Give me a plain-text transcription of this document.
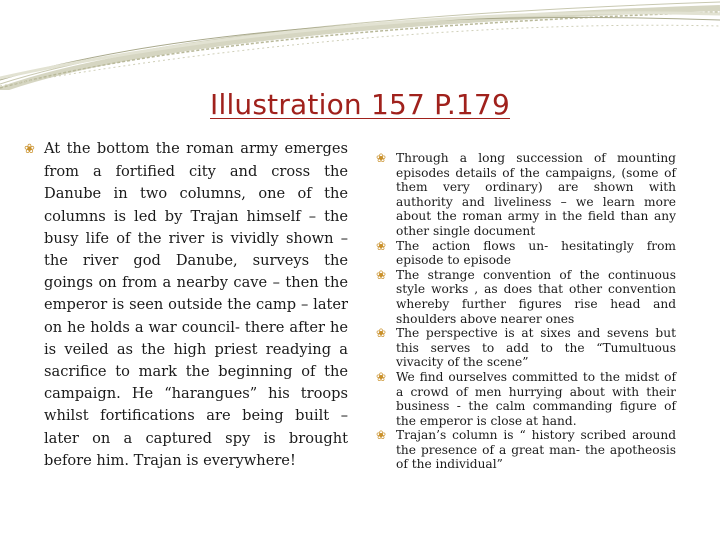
Illustration 157 P.179
❀ At the bottom the roman army emerges from a fortified city and cross the Danube in two columns, one of the columns is led by Trajan himself – the busy life of the river is vividly shown – the river god Danube, surveys the goings on from a nearby cave – then the emperor is seen outside the camp – later on he holds a war council- there after he is veiled as the high priest readying a sacrifice to mark the beginning of the campaign. He “harangues” his troops whilst fortifications are being built –later on a captured spy is brought before him. Trajan is everywhere!
❀ Through a long succession of mounting episodes details of the campaigns, (some of them very ordinary) are shown with authority and liveliness – we learn more about the roman army in the field than any other single document
❀ The action flows un- hesitatingly from episode to episode
❀ The strange convention of the continuous style works , as does that other convention whereby further figures rise head and shoulders above nearer ones
❀ The perspective is at sixes and sevens but this serves to add to the “Tumultuous vivacity of the scene”
❀ We find ourselves committed to the midst of a crowd of men hurrying about with their business - the calm commanding figure of the emperor is close at hand.
❀ Trajan’s column is “ history scribed around the presence of a great man- the apotheosis of the individual”
